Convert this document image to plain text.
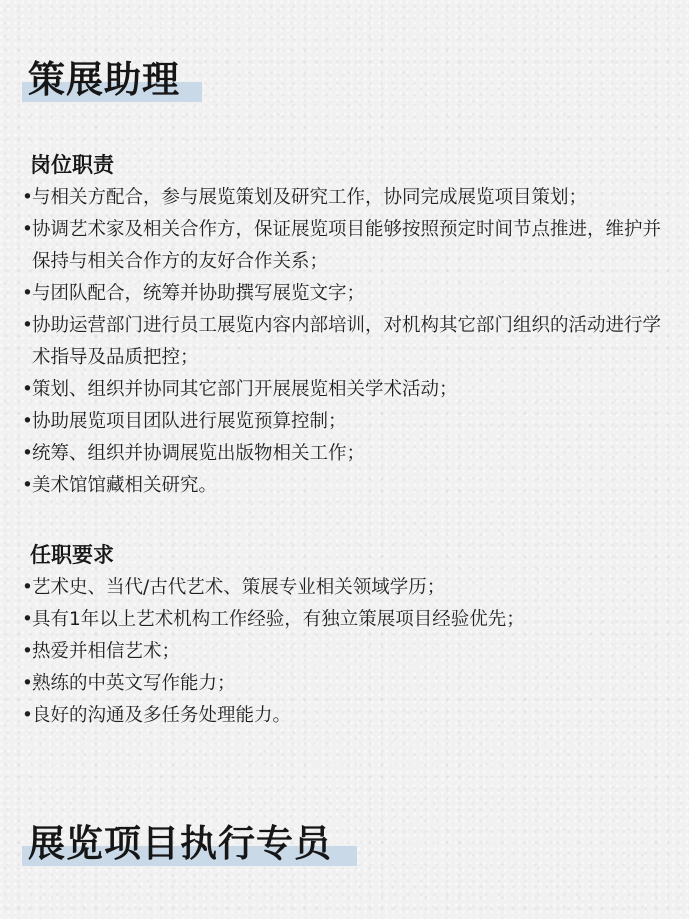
策展助理
岗位职责
• 与相关方配合，参与展览策划及研究工作，协同完成展览项目策划；
• 协调艺术家及相关合作方，保证展览项目能够按照预定时间节点推进，维护并保持与相关合作方的友好合作关系；
• 与团队配合，统筹并协助撰写展览文字；
• 协助运营部门进行员工展览内容内部培训，对机构其它部门组织的活动进行学术指导及品质把控；
• 策划、组织并协同其它部门开展展览相关学术活动；
• 协助展览项目团队进行展览预算控制；
• 统筹、组织并协调展览出版物相关工作；
• 美术馆馆藏相关研究。
任职要求
• 艺术史、当代/古代艺术、策展专业相关领域学历；
• 具有1年以上艺术机构工作经验，有独立策展项目经验优先；
• 热爱并相信艺术；
• 熟练的中英文写作能力；
• 良好的沟通及多任务处理能力。
展览项目执行专员
